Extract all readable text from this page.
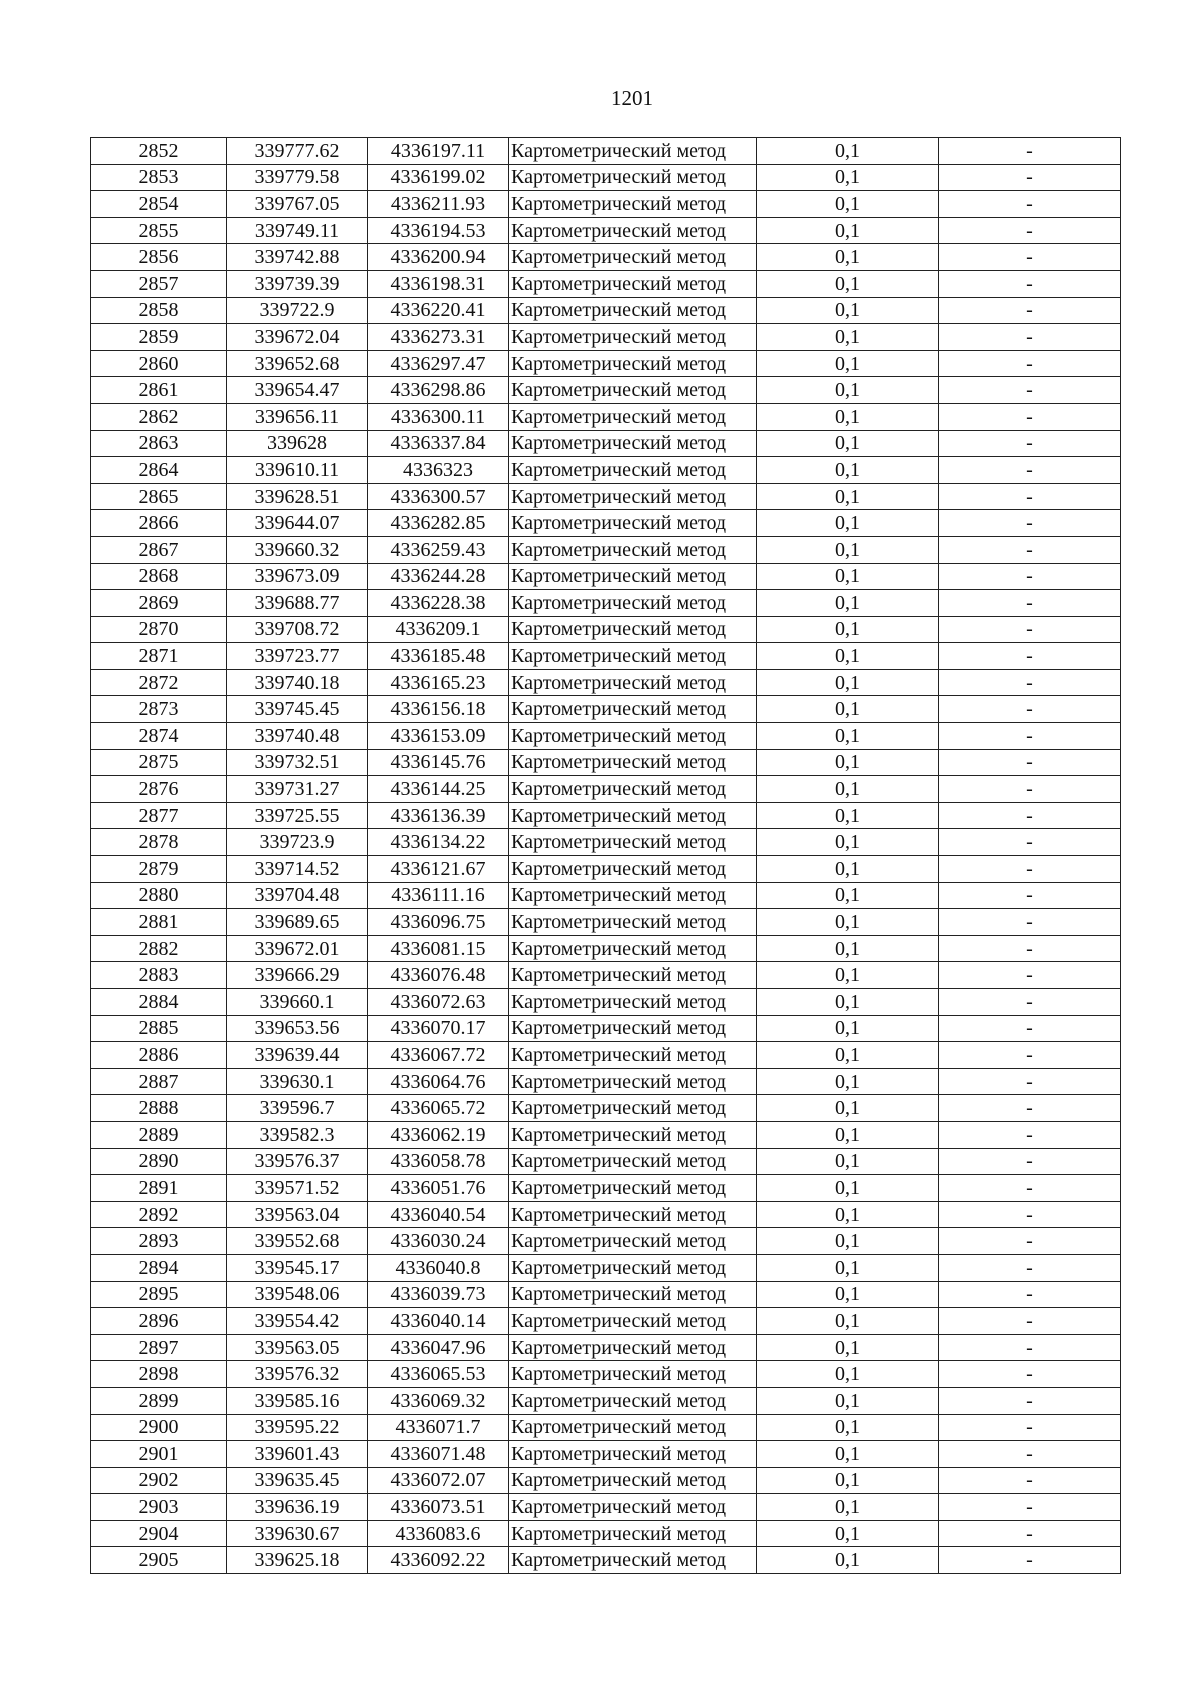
1201
2852	339777.62	4336197.11	Картометрический метод	0,1	-
2853	339779.58	4336199.02	Картометрический метод	0,1	-
2854	339767.05	4336211.93	Картометрический метод	0,1	-
2855	339749.11	4336194.53	Картометрический метод	0,1	-
2856	339742.88	4336200.94	Картометрический метод	0,1	-
2857	339739.39	4336198.31	Картометрический метод	0,1	-
2858	339722.9	4336220.41	Картометрический метод	0,1	-
2859	339672.04	4336273.31	Картометрический метод	0,1	-
2860	339652.68	4336297.47	Картометрический метод	0,1	-
2861	339654.47	4336298.86	Картометрический метод	0,1	-
2862	339656.11	4336300.11	Картометрический метод	0,1	-
2863	339628	4336337.84	Картометрический метод	0,1	-
2864	339610.11	4336323	Картометрический метод	0,1	-
2865	339628.51	4336300.57	Картометрический метод	0,1	-
2866	339644.07	4336282.85	Картометрический метод	0,1	-
2867	339660.32	4336259.43	Картометрический метод	0,1	-
2868	339673.09	4336244.28	Картометрический метод	0,1	-
2869	339688.77	4336228.38	Картометрический метод	0,1	-
2870	339708.72	4336209.1	Картометрический метод	0,1	-
2871	339723.77	4336185.48	Картометрический метод	0,1	-
2872	339740.18	4336165.23	Картометрический метод	0,1	-
2873	339745.45	4336156.18	Картометрический метод	0,1	-
2874	339740.48	4336153.09	Картометрический метод	0,1	-
2875	339732.51	4336145.76	Картометрический метод	0,1	-
2876	339731.27	4336144.25	Картометрический метод	0,1	-
2877	339725.55	4336136.39	Картометрический метод	0,1	-
2878	339723.9	4336134.22	Картометрический метод	0,1	-
2879	339714.52	4336121.67	Картометрический метод	0,1	-
2880	339704.48	4336111.16	Картометрический метод	0,1	-
2881	339689.65	4336096.75	Картометрический метод	0,1	-
2882	339672.01	4336081.15	Картометрический метод	0,1	-
2883	339666.29	4336076.48	Картометрический метод	0,1	-
2884	339660.1	4336072.63	Картометрический метод	0,1	-
2885	339653.56	4336070.17	Картометрический метод	0,1	-
2886	339639.44	4336067.72	Картометрический метод	0,1	-
2887	339630.1	4336064.76	Картометрический метод	0,1	-
2888	339596.7	4336065.72	Картометрический метод	0,1	-
2889	339582.3	4336062.19	Картометрический метод	0,1	-
2890	339576.37	4336058.78	Картометрический метод	0,1	-
2891	339571.52	4336051.76	Картометрический метод	0,1	-
2892	339563.04	4336040.54	Картометрический метод	0,1	-
2893	339552.68	4336030.24	Картометрический метод	0,1	-
2894	339545.17	4336040.8	Картометрический метод	0,1	-
2895	339548.06	4336039.73	Картометрический метод	0,1	-
2896	339554.42	4336040.14	Картометрический метод	0,1	-
2897	339563.05	4336047.96	Картометрический метод	0,1	-
2898	339576.32	4336065.53	Картометрический метод	0,1	-
2899	339585.16	4336069.32	Картометрический метод	0,1	-
2900	339595.22	4336071.7	Картометрический метод	0,1	-
2901	339601.43	4336071.48	Картометрический метод	0,1	-
2902	339635.45	4336072.07	Картометрический метод	0,1	-
2903	339636.19	4336073.51	Картометрический метод	0,1	-
2904	339630.67	4336083.6	Картометрический метод	0,1	-
2905	339625.18	4336092.22	Картометрический метод	0,1	-
